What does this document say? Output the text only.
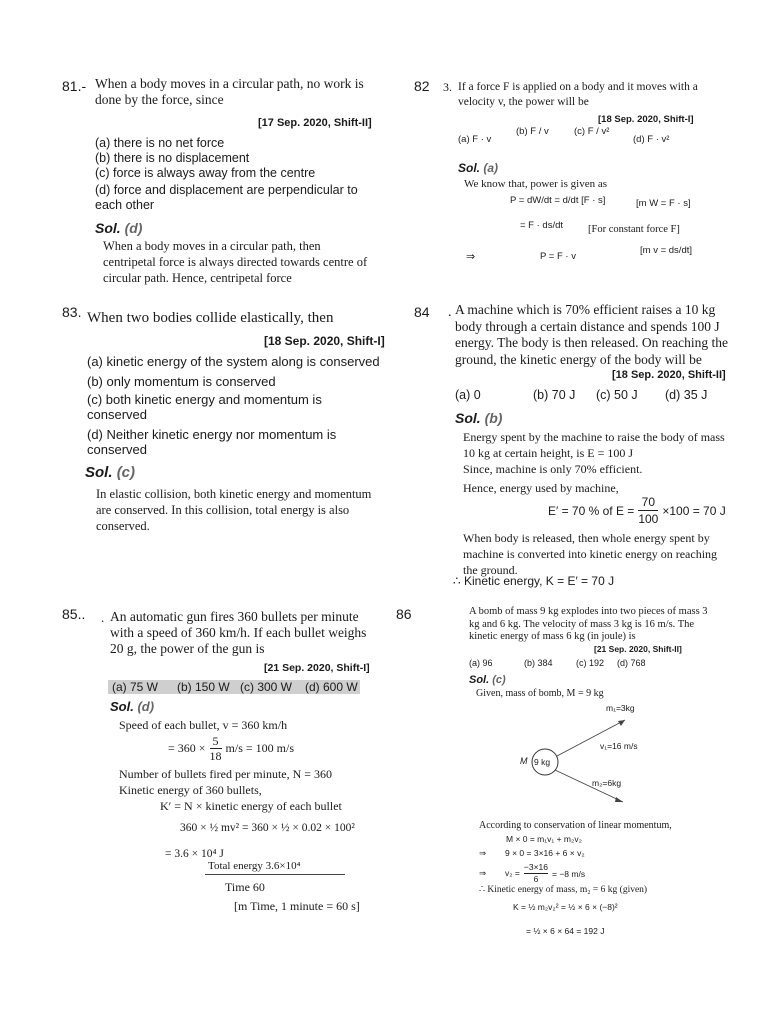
81.- When a body moves in a circular path, no work is done by the force, since
[17 Sep. 2020, Shift-II]
(a) there is no net force
(b) there is no displacement
(c) force is always away from the centre
(d) force and displacement are perpendicular to each other
Sol. (d)
When a body moves in a circular path, then centripetal force is always directed towards centre of circular path. Hence, centripetal force
82 3. If a force F is applied on a body and it moves with a velocity v, the power will be
[18 Sep. 2020, Shift-I]
(a) F · v
(b) F / v	(c) F / v²
(d) F · v²
Sol. (a)
We know that, power is given as
P = dW/dt = d/dt [F · s]	[m W = F · s]
= F · ds/dt [For constant force F]
⇒	P = F · v
[m v = ds/dt]
83. When two bodies collide elastically, then
[18 Sep. 2020, Shift-I]
(a) kinetic energy of the system along is conserved
(b) only momentum is conserved
(c) both kinetic energy and momentum is conserved
(d) Neither kinetic energy nor momentum is conserved
Sol. (c)
In elastic collision, both kinetic energy and momentum are conserved. In this collision, total energy is also conserved.
84 . A machine which is 70% efficient raises a 10 kg body through a certain distance and spends 100 J energy. The body is then released. On reaching the ground, the kinetic energy of the body will be
[18 Sep. 2020, Shift-II]
(a) 0	(b) 70 J (c) 50 J (d) 35 J
Sol. (b)
Energy spent by the machine to raise the body of mass 10 kg at certain height, is E = 100 J
Since, machine is only 70% efficient.
Hence, energy used by machine,
E′ = 70 % of $E = \frac{70}{100} \times 100 = 70$ J
When body is released, then whole energy spent by machine is converted into kinetic energy on reaching the ground.
∴ Kinetic energy, K = E′ = 70 J
85.. . An automatic gun fires 360 bullets per minute with a speed of 360 km/h. If each bullet weighs 20 g, the power of the gun is
[21 Sep. 2020, Shift-I]
(a) 75 W (b) 150 W (c) 300 W (d) 600 W
Sol. (d)
Speed of each bullet, v = 360 km/h
= $360 \times \frac{5}{18} m/s = 100$ m/s
Number of bullets fired per minute, N = 360
Kinetic energy of 360 bullets,
K′ = N × kinetic energy of each bullet
360 × ½ mv² = 360 × ½ × 0.02 × 100²
= 3.6 × 10⁴ J
Total energy 3.6×10⁴
Time 60
[m Time, 1 minute = 60 s]
86	A bomb of mass 9 kg explodes into two pieces of mass 3 kg and 6 kg. The velocity of mass 3 kg is 16 m/s. The kinetic energy of mass 6 kg (in joule) is
[21 Sep. 2020, Shift-II]
(a) 96	(b) 384	(c) 192 (d) 768
Sol. (c)
Given, mass of bomb, M = 9 kg
m₁=3kg
v₁=16 m/s
M 9 kg
m₂=6kg
According to conservation of linear momentum,
M × 0 = m₁v₁ + m₂v₂
⇒        9 × 0 = 3×16 + 6 × v₂
⇒        $v_2 = \frac{-3\times 16}{6} = -8$ m/s
∴ Kinetic energy of mass, m₂ = 6 kg (given)
K = ½ m₂v₂² = ½ × 6 × (−8)²
= ½ × 6 × 64 = 192 J
